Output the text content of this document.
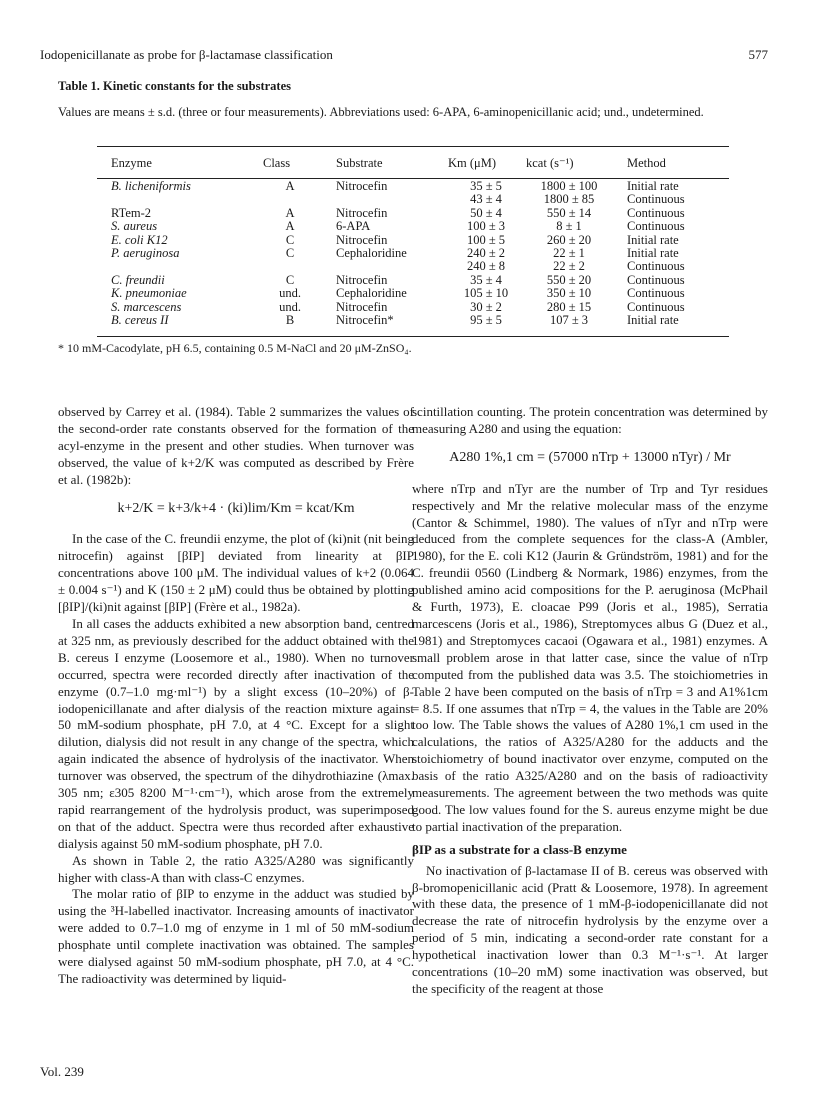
Iodopenicillanate as probe for β-lactamase classification	577
Table 1. Kinetic constants for the substrates
Values are means ± s.d. (three or four measurements). Abbreviations used: 6-APA, 6-aminopenicillanic acid; und., undetermined.
Enzyme	Class	Substrate	Km (μM)	kcat (s⁻¹)	Method
B. licheniformis	A	Nitrocefin	35 ± 5	1800 ± 100	Initial rate
			43 ± 4	1800 ± 85	Continuous
RTem-2	A	Nitrocefin	50 ± 4	550 ± 14	Continuous
S. aureus	A	6-APA	100 ± 3	8 ± 1	Continuous
E. coli K12	C	Nitrocefin	100 ± 5	260 ± 20	Initial rate
P. aeruginosa	C	Cephaloridine	240 ± 2	22 ± 1	Initial rate
			240 ± 8	22 ± 2	Continuous
C. freundii	C	Nitrocefin	35 ± 4	550 ± 20	Continuous
K. pneumoniae	und.	Cephaloridine	105 ± 10	350 ± 10	Continuous
S. marcescens	und.	Nitrocefin	30 ± 2	280 ± 15	Continuous
B. cereus II	B	Nitrocefin*	95 ± 5	107 ± 3	Initial rate
* 10 mM-Cacodylate, pH 6.5, containing 0.5 M-NaCl and 20 μM-ZnSO₄.

observed by Carrey et al. (1984). Table 2 summarizes the values of the second-order rate constants observed for the formation of the acyl-enzyme in the present and other studies. When turnover was observed, the value of k+2/K was computed as described by Frère et al. (1982b):

k+2/K = k+3/k+4 · (ki)lim/Km = kcat/Km

In the case of the C. freundii enzyme, the plot of (ki)nit (nit being nitrocefin) against [βIP] deviated from linearity at βIP concentrations above 100 μM. The individual values of k+2 (0.064 ± 0.004 s⁻¹) and K (150 ± 2 μM) could thus be obtained by plotting [βIP]/(ki)nit against [βIP] (Frère et al., 1982a).

In all cases the adducts exhibited a new absorption band, centred at 325 nm, as previously described for the adduct obtained with the B. cereus I enzyme (Loosemore et al., 1980). When no turnover occurred, spectra were recorded directly after inactivation of the enzyme (0.7–1.0 mg·ml⁻¹) by a slight excess (10–20%) of β-iodopenicillanate and after dialysis of the reaction mixture against 50 mM-sodium phosphate, pH 7.0, at 4 °C. Except for a slight dilution, dialysis did not result in any change of the spectra, which again indicated the absence of hydrolysis of the inactivator. When turnover was observed, the spectrum of the dihydrothiazine (λmax. 305 nm; ε305 8200 M⁻¹·cm⁻¹), which arose from the extremely rapid rearrangement of the hydrolysis product, was superimposed on that of the adduct. Spectra were thus recorded after exhaustive dialysis against 50 mM-sodium phosphate, pH 7.0.

As shown in Table 2, the ratio A325/A280 was significantly higher with class-A than with class-C enzymes.

The molar ratio of βIP to enzyme in the adduct was studied by using the ³H-labelled inactivator. Increasing amounts of inactivator were added to 0.7–1.0 mg of enzyme in 1 ml of 50 mM-sodium phosphate until complete inactivation was obtained. The samples were dialysed against 50 mM-sodium phosphate, pH 7.0, at 4 °C. The radioactivity was determined by liquid-

scintillation counting. The protein concentration was determined by measuring A280 and using the equation:

A280 1%,1 cm = (57000 nTrp + 13000 nTyr) / Mr

where nTrp and nTyr are the number of Trp and Tyr residues respectively and Mr the relative molecular mass of the enzyme (Cantor & Schimmel, 1980). The values of nTyr and nTrp were deduced from the complete sequences for the class-A (Ambler, 1980), for the E. coli K12 (Jaurin & Gründström, 1981) and for the C. freundii 0560 (Lindberg & Normark, 1986) enzymes, from the published amino acid compositions for the P. aeruginosa (McPhail & Furth, 1973), E. cloacae P99 (Joris et al., 1985), Serratia marcescens (Joris et al., 1986), Streptomyces albus G (Duez et al., 1981) and Streptomyces cacaoi (Ogawara et al., 1981) enzymes. A small problem arose in that latter case, since the value of nTrp computed from the published data was 3.5. The stoichiometries in Table 2 have been computed on the basis of nTrp = 3 and A1%1cm = 8.5. If one assumes that nTrp = 4, the values in the Table are 20% too low. The Table shows the values of A280 1%,1 cm used in the calculations, the ratios of A325/A280 for the adducts and the stoichiometry of bound inactivator over enzyme, computed on the basis of the ratio A325/A280 and on the basis of radioactivity measurements. The agreement between the two methods was quite good. The low values found for the S. aureus enzyme might be due to partial inactivation of the preparation.

βIP as a substrate for a class-B enzyme

No inactivation of β-lactamase II of B. cereus was observed with β-bromopenicillanic acid (Pratt & Loosemore, 1978). In agreement with these data, the presence of 1 mM-β-iodopenicillanate did not decrease the rate of nitrocefin hydrolysis by the enzyme over a period of 5 min, indicating a second-order rate constant for a hypothetical inactivation lower than 0.3 M⁻¹·s⁻¹. At larger concentrations (10–20 mM) some inactivation was observed, but the specificity of the reagent at those

Vol. 239
